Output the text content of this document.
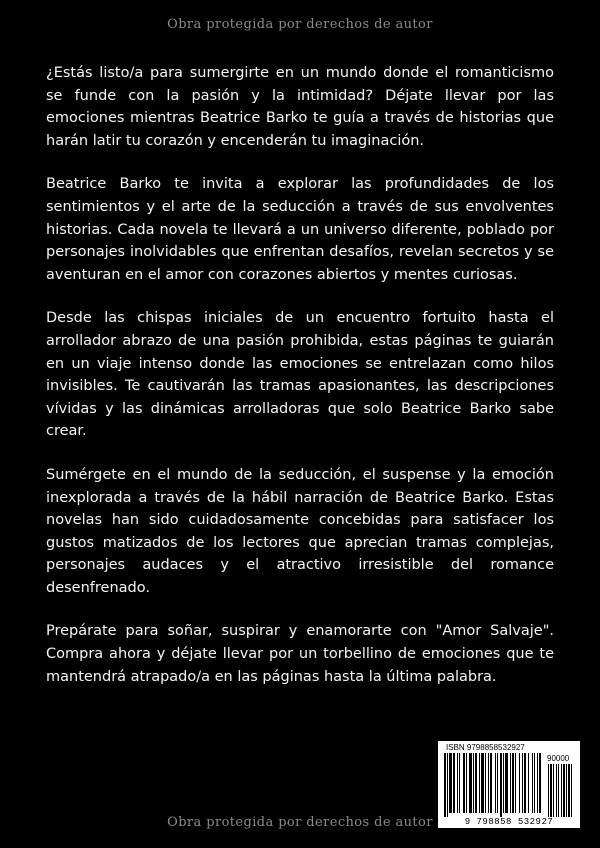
Obra protegida por derechos de autor

¿Estás listo/a para sumergirte en un mundo donde el romanticismo se funde con la pasión y la intimidad? Déjate llevar por las emociones mientras Beatrice Barko te guía a través de historias que harán latir tu corazón y encenderán tu imaginación.

Beatrice Barko te invita a explorar las profundidades de los sentimientos y el arte de la seducción a través de sus envolventes historias. Cada novela te llevará a un universo diferente, poblado por personajes inolvidables que enfrentan desafíos, revelan secretos y se aventuran en el amor con corazones abiertos y mentes curiosas.

Desde las chispas iniciales de un encuentro fortuito hasta el arrollador abrazo de una pasión prohibida, estas páginas te guiarán en un viaje intenso donde las emociones se entrelazan como hilos invisibles. Te cautivarán las tramas apasionantes, las descripciones vívidas y las dinámicas arrolladoras que solo Beatrice Barko sabe crear.

Sumérgete en el mundo de la seducción, el suspense y la emoción inexplorada a través de la hábil narración de Beatrice Barko. Estas novelas han sido cuidadosamente concebidas para satisfacer los gustos matizados de los lectores que aprecian tramas complejas, personajes audaces y el atractivo irresistible del romance desenfrenado.

Prepárate para soñar, suspirar y enamorarte con "Amor Salvaje". Compra ahora y déjate llevar por un torbellino de emociones que te mantendrá atrapado/a en las páginas hasta la última palabra.

ISBN 9798858532927
90000
9 798858 532927
Obra protegida por derechos de autor
